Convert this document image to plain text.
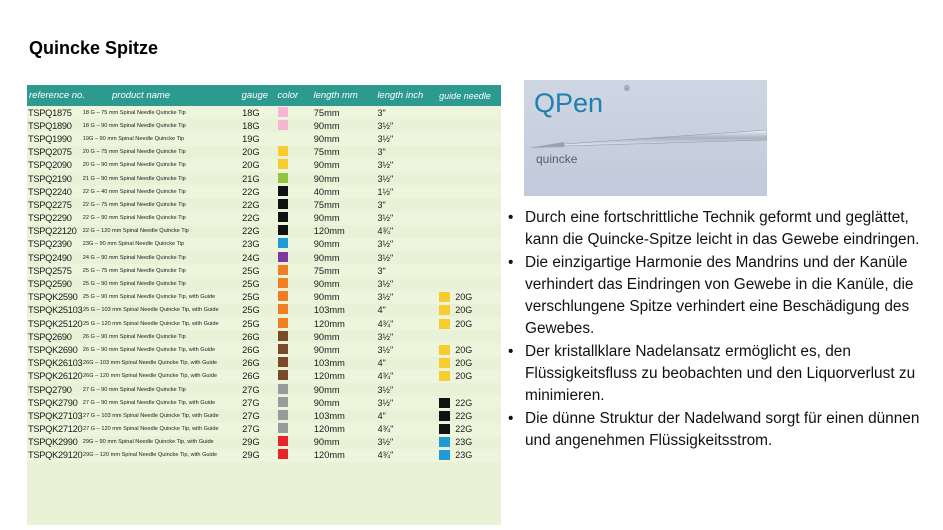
Quincke Spitze
reference no.	product name	gauge color	length mm	length inch	guide needle
TSPQ1875	18 G – 75 mm Spinal Needle Quincke Tip	18G	75mm	3"
TSPQ1890	18 G – 90 mm Spinal Needle Quincke Tip	18G	90mm	3½"
TSPQ1990	19G – 90 mm Spinal Needle Quincke Tip	19G	90mm	3½"
TSPQ2075	20 G – 75 mm Spinal Needle Quincke Tip	20G	75mm	3"
TSPQ2090	20 G – 90 mm Spinal Needle Quincke Tip	20G	90mm	3½"
TSPQ2190	21 G – 90 mm Spinal Needle Quincke Tip	21G	90mm	3½"
TSPQ2240	22 G – 40 mm Spinal Needle Quincke Tip	22G	40mm	1½"
TSPQ2275	22 G – 75 mm Spinal Needle Quincke Tip	22G	75mm	3"
TSPQ2290	22 G – 90 mm Spinal Needle Quincke Tip	22G	90mm	3½"
TSPQ22120	22 G – 120 mm Spinal Needle Quincke Tip	22G	120mm	4¾"
TSPQ2390	23G – 90 mm Spinal Needle Quincke Tip	23G	90mm	3½"
TSPQ2490	24 G – 90 mm Spinal Needle Quincke Tip	24G	90mm	3½"
TSPQ2575	25 G – 75 mm Spinal Needle Quincke Tip	25G	75mm	3"
TSPQ2590	25 G – 90 mm Spinal Needle Quincke Tip	25G	90mm	3½"
TSPQK2590 25 G – 90 mm Spinal Needle Quincke Tip, with Guide	25G	90mm	3½"	20G
TSPQK25103 25 G – 103 mm Spinal Needle Quincke Tip, with Guide	25G	103mm	4"	20G
TSPQK25120 25 G – 120 mm Spinal Needle Quincke Tip, with Guide	25G	120mm	4¾"	20G
TSPQ2690	26 G – 90 mm Spinal Needle Quincke Tip	26G	90mm	3½"
TSPQK2690 26 G – 90 mm Spinal Needle Quincke Tip, with Guide	26G	90mm	3½"	20G
TSPQK26103 26G – 103 mm Spinal Needle Quincke Tip, with Guide	26G	103mm	4"	20G
TSPQK26120 26G – 120 mm Spinal Needle Quincke Tip, with Guide	26G	120mm	4¾"	20G
TSPQ2790	27 G – 90 mm Spinal Needle Quincke Tip	27G	90mm	3½"
TSPQK2790 27 G – 90 mm Spinal Needle Quincke Tip, with Guide	27G	90mm	3½"	22G
TSPQK27103 27 G – 103 mm Spinal Needle Quincke Tip, with Guide	27G	103mm	4"	22G
TSPQK27120 27 G – 120 mm Spinal Needle Quincke Tip, with Guide	27G	120mm	4¾"	22G
TSPQK2990 29G – 90 mm Spinal Needle Quincke Tip, with Guide	29G	90mm	3½"	23G
TSPQK29120 29G – 120 mm Spinal Needle Quincke Tip, with Guide	29G	120mm	4¾"	23G
QPen	®
quincke
• Durch eine fortschrittliche Technik geformt und geglättet, kann die Quincke-Spitze leicht in das Gewebe eindringen.
• Die einzigartige Harmonie des Mandrins und der Kanüle verhindert das Eindringen von Gewebe in die Kanüle, die verschlungene Spitze verhindert eine Beschädigung des Gewebes.
• Der kristallklare Nadelansatz ermöglicht es, den Flüssigkeitsfluss zu beobachten und den Liquorverlust zu minimieren.
• Die dünne Struktur der Nadelwand sorgt für einen dünnen und angenehmen Flüssigkeitsstrom.
